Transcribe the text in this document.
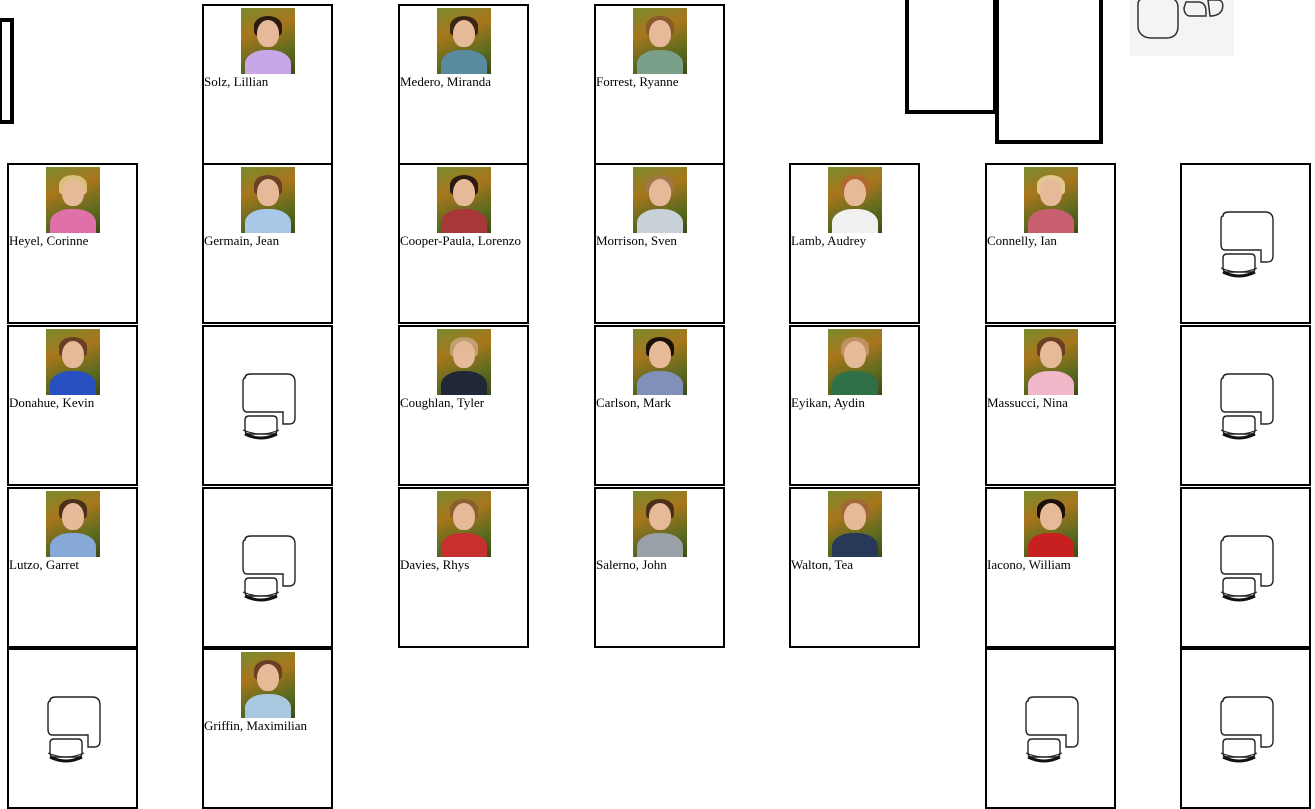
Solz, Lillian	Medero, Miranda	Forrest, Ryanne
Heyel, Corinne	Germain, Jean	Cooper-Paula, Lorenzo	Morrison, Sven	Lamb, Audrey	Connelly, Ian
Donahue, Kevin	Coughlan, Tyler	Carlson, Mark	Eyikan, Aydin	Massucci, Nina
Lutzo, Garret	Davies, Rhys	Salerno, John	Walton, Tea	Iacono, William
Griffin, Maximilian
